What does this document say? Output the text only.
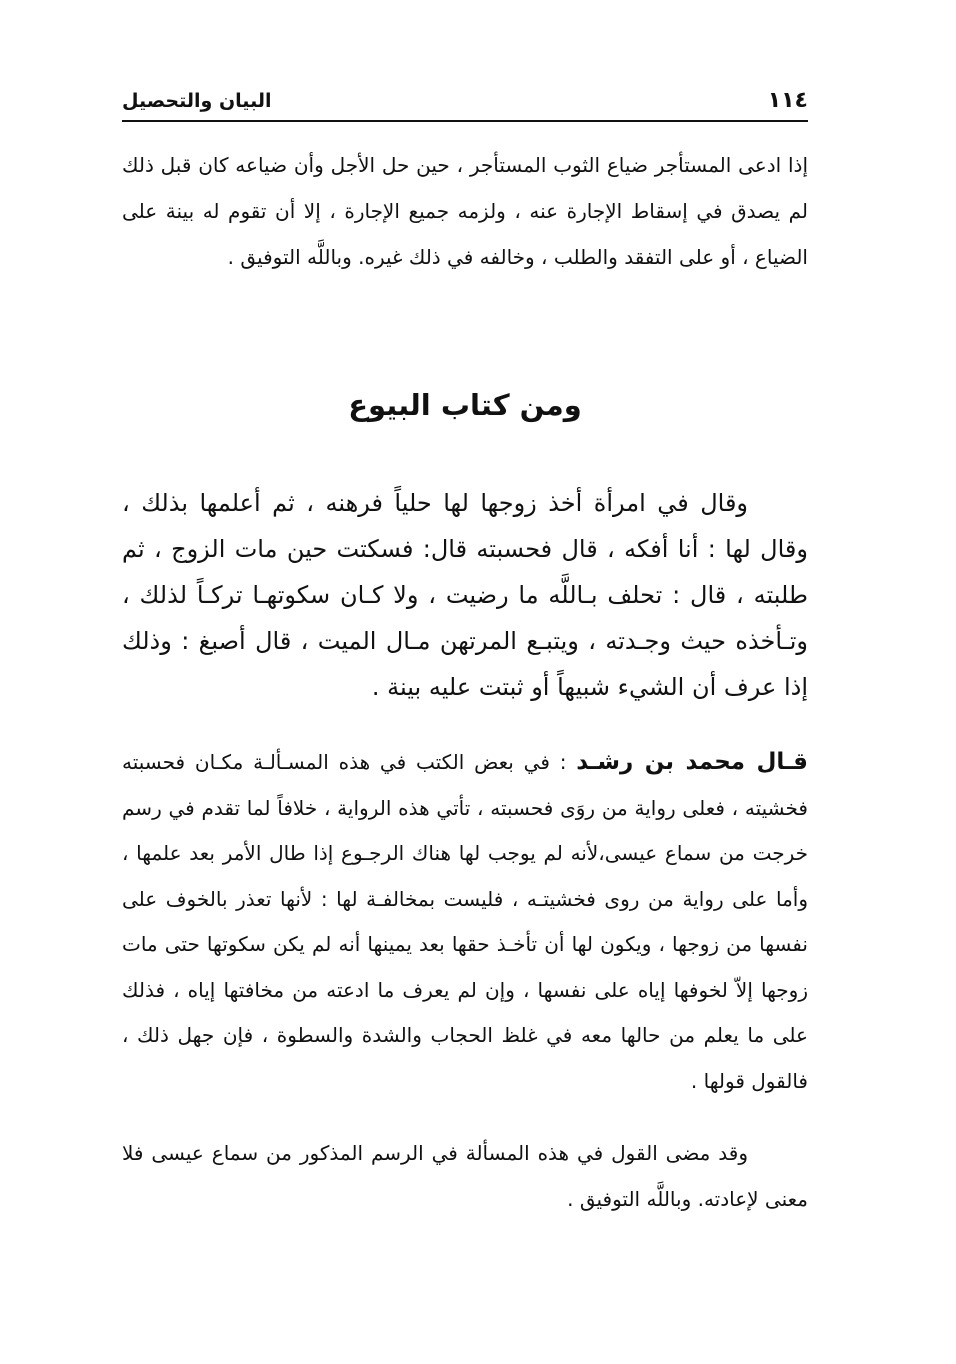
١١٤
البيان والتحصيل

إذا ادعى المستأجر ضياع الثوب المستأجر ، حين حل الأجل وأن ضياعه كان قبل ذلك لم يصدق في إسقاط الإجارة عنه ، ولزمه جميع الإجارة ، إلا أن تقوم له بينة على الضياع ، أو على التفقد والطلب ، وخالفه في ذلك غيره. وباللَّه التوفيق .

ومن كتاب البيوع

وقال في امرأة أخذ زوجها لها حلياً فرهنه ، ثم أعلمها بذلك ، وقال لها : أنا أفكه ، قال فحسبته قال: فسكتت حين مات الزوج ، ثم طلبته ، قال : تحلف بـاللَّه ما رضيت ، ولا كـان سكوتهـا تركـاً لذلك ، وتـأخذه حيث وجـدته ، ويتبـع المرتهن مـال الميت ، قال أصبغ : وذلك إذا عرف أن الشيء شبيهاً أو ثبتت عليه بينة .

قـال محمد بن رشـد : في بعض الكتب في هذه المسـألـة مكـان فحسبته فخشيته ، فعلى رواية من روَى فحسبته ، تأتي هذه الرواية ، خلافاً لما تقدم في رسم خرجت من سماع عيسى،لأنه لم يوجب لها هناك الرجـوع إذا طال الأمر بعد علمها ، وأما على رواية من روى فخشيتـه ، فليست بمخالفـة لها : لأنها تعذر بالخوف على نفسها من زوجها ، ويكون لها أن تأخـذ حقها بعد يمينها أنه لم يكن سكوتها حتى مات زوجها إلاّ لخوفها إياه على نفسها ، وإن لم يعرف ما ادعته من مخافتها إياه ، فذلك على ما يعلم من حالها معه في غلظ الحجاب والشدة والسطوة ، فإن جهل ذلك ، فالقول قولها .

وقد مضى القول في هذه المسألة في الرسم المذكور من سماع عيسى فلا معنى لإعادته. وباللَّه التوفيق .
